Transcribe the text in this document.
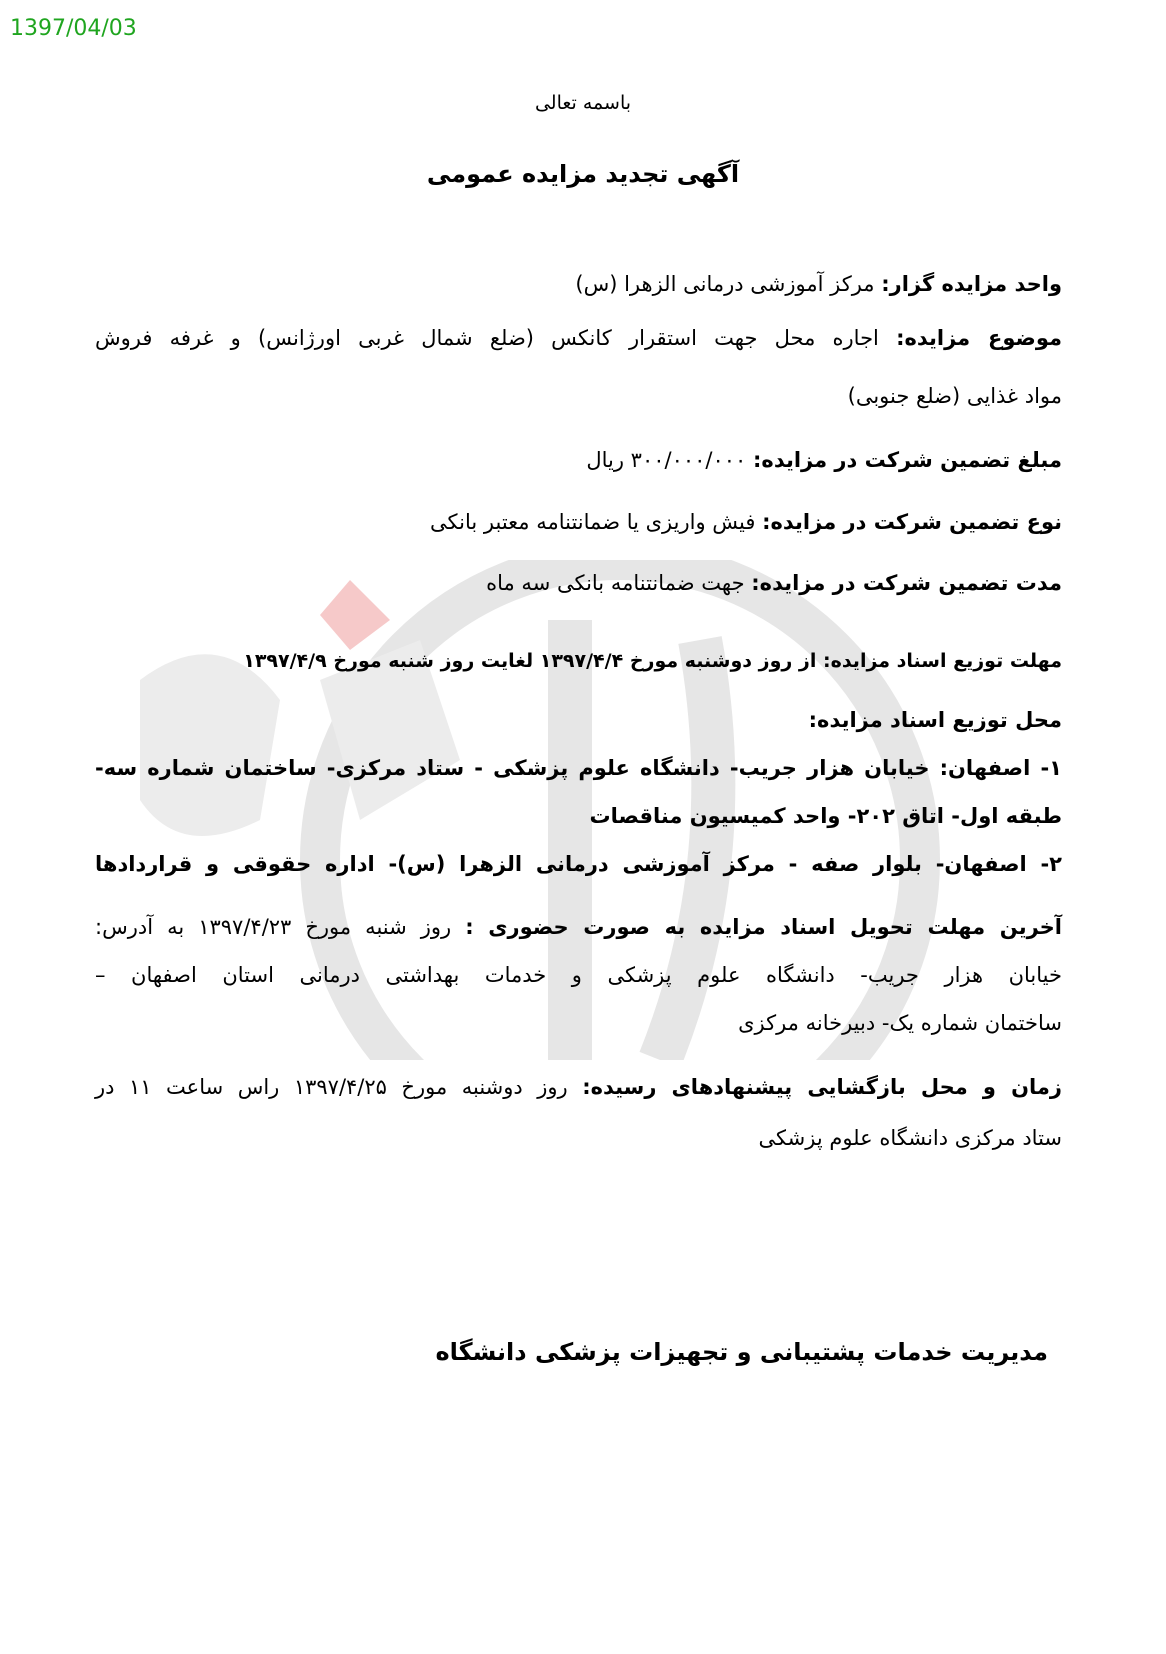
1397/04/03
باسمه تعالی
آگهی تجدید مزایده عمومی
واحد مزایده گزار: مرکز آموزشی درمانی الزهرا (س)
موضوع مزایده: اجاره محل جهت استقرار کانکس (ضلع شمال غربی اورژانس) و غرفه فروش
مواد غذایی (ضلع جنوبی)
مبلغ تضمین شرکت در مزایده: ۳۰۰/۰۰۰/۰۰۰ ریال
نوع تضمین شرکت در مزایده: فیش واریزی یا ضمانتنامه معتبر بانکی
مدت تضمین شرکت در مزایده: جهت ضمانتنامه بانکی سه ماه
مهلت توزیع اسناد مزایده: از روز دوشنبه مورخ ۱۳۹۷/۴/۴ لغایت روز شنبه مورخ ۱۳۹۷/۴/۹
محل توزیع اسناد مزایده:
۱- اصفهان: خیابان هزار جریب- دانشگاه علوم پزشکی - ستاد مرکزی- ساختمان شماره سه-
طبقه اول- اتاق ۲۰۲- واحد کمیسیون مناقصات
۲- اصفهان- بلوار صفه - مرکز آموزشی درمانی الزهرا (س)- اداره حقوقی و قراردادها
آخرین مهلت تحویل اسناد مزایده به صورت حضوری : روز شنبه مورخ ۱۳۹۷/۴/۲۳ به آدرس:
خیابان هزار جریب- دانشگاه علوم پزشکی و خدمات بهداشتی درمانی استان اصفهان –
ساختمان شماره یک- دبیرخانه مرکزی
زمان و محل بازگشایی پیشنهادهای رسیده: روز دوشنبه مورخ ۱۳۹۷/۴/۲۵ راس ساعت ۱۱ در
ستاد مرکزی دانشگاه علوم پزشکی
مدیریت خدمات پشتیبانی و تجهیزات پزشکی دانشگاه
